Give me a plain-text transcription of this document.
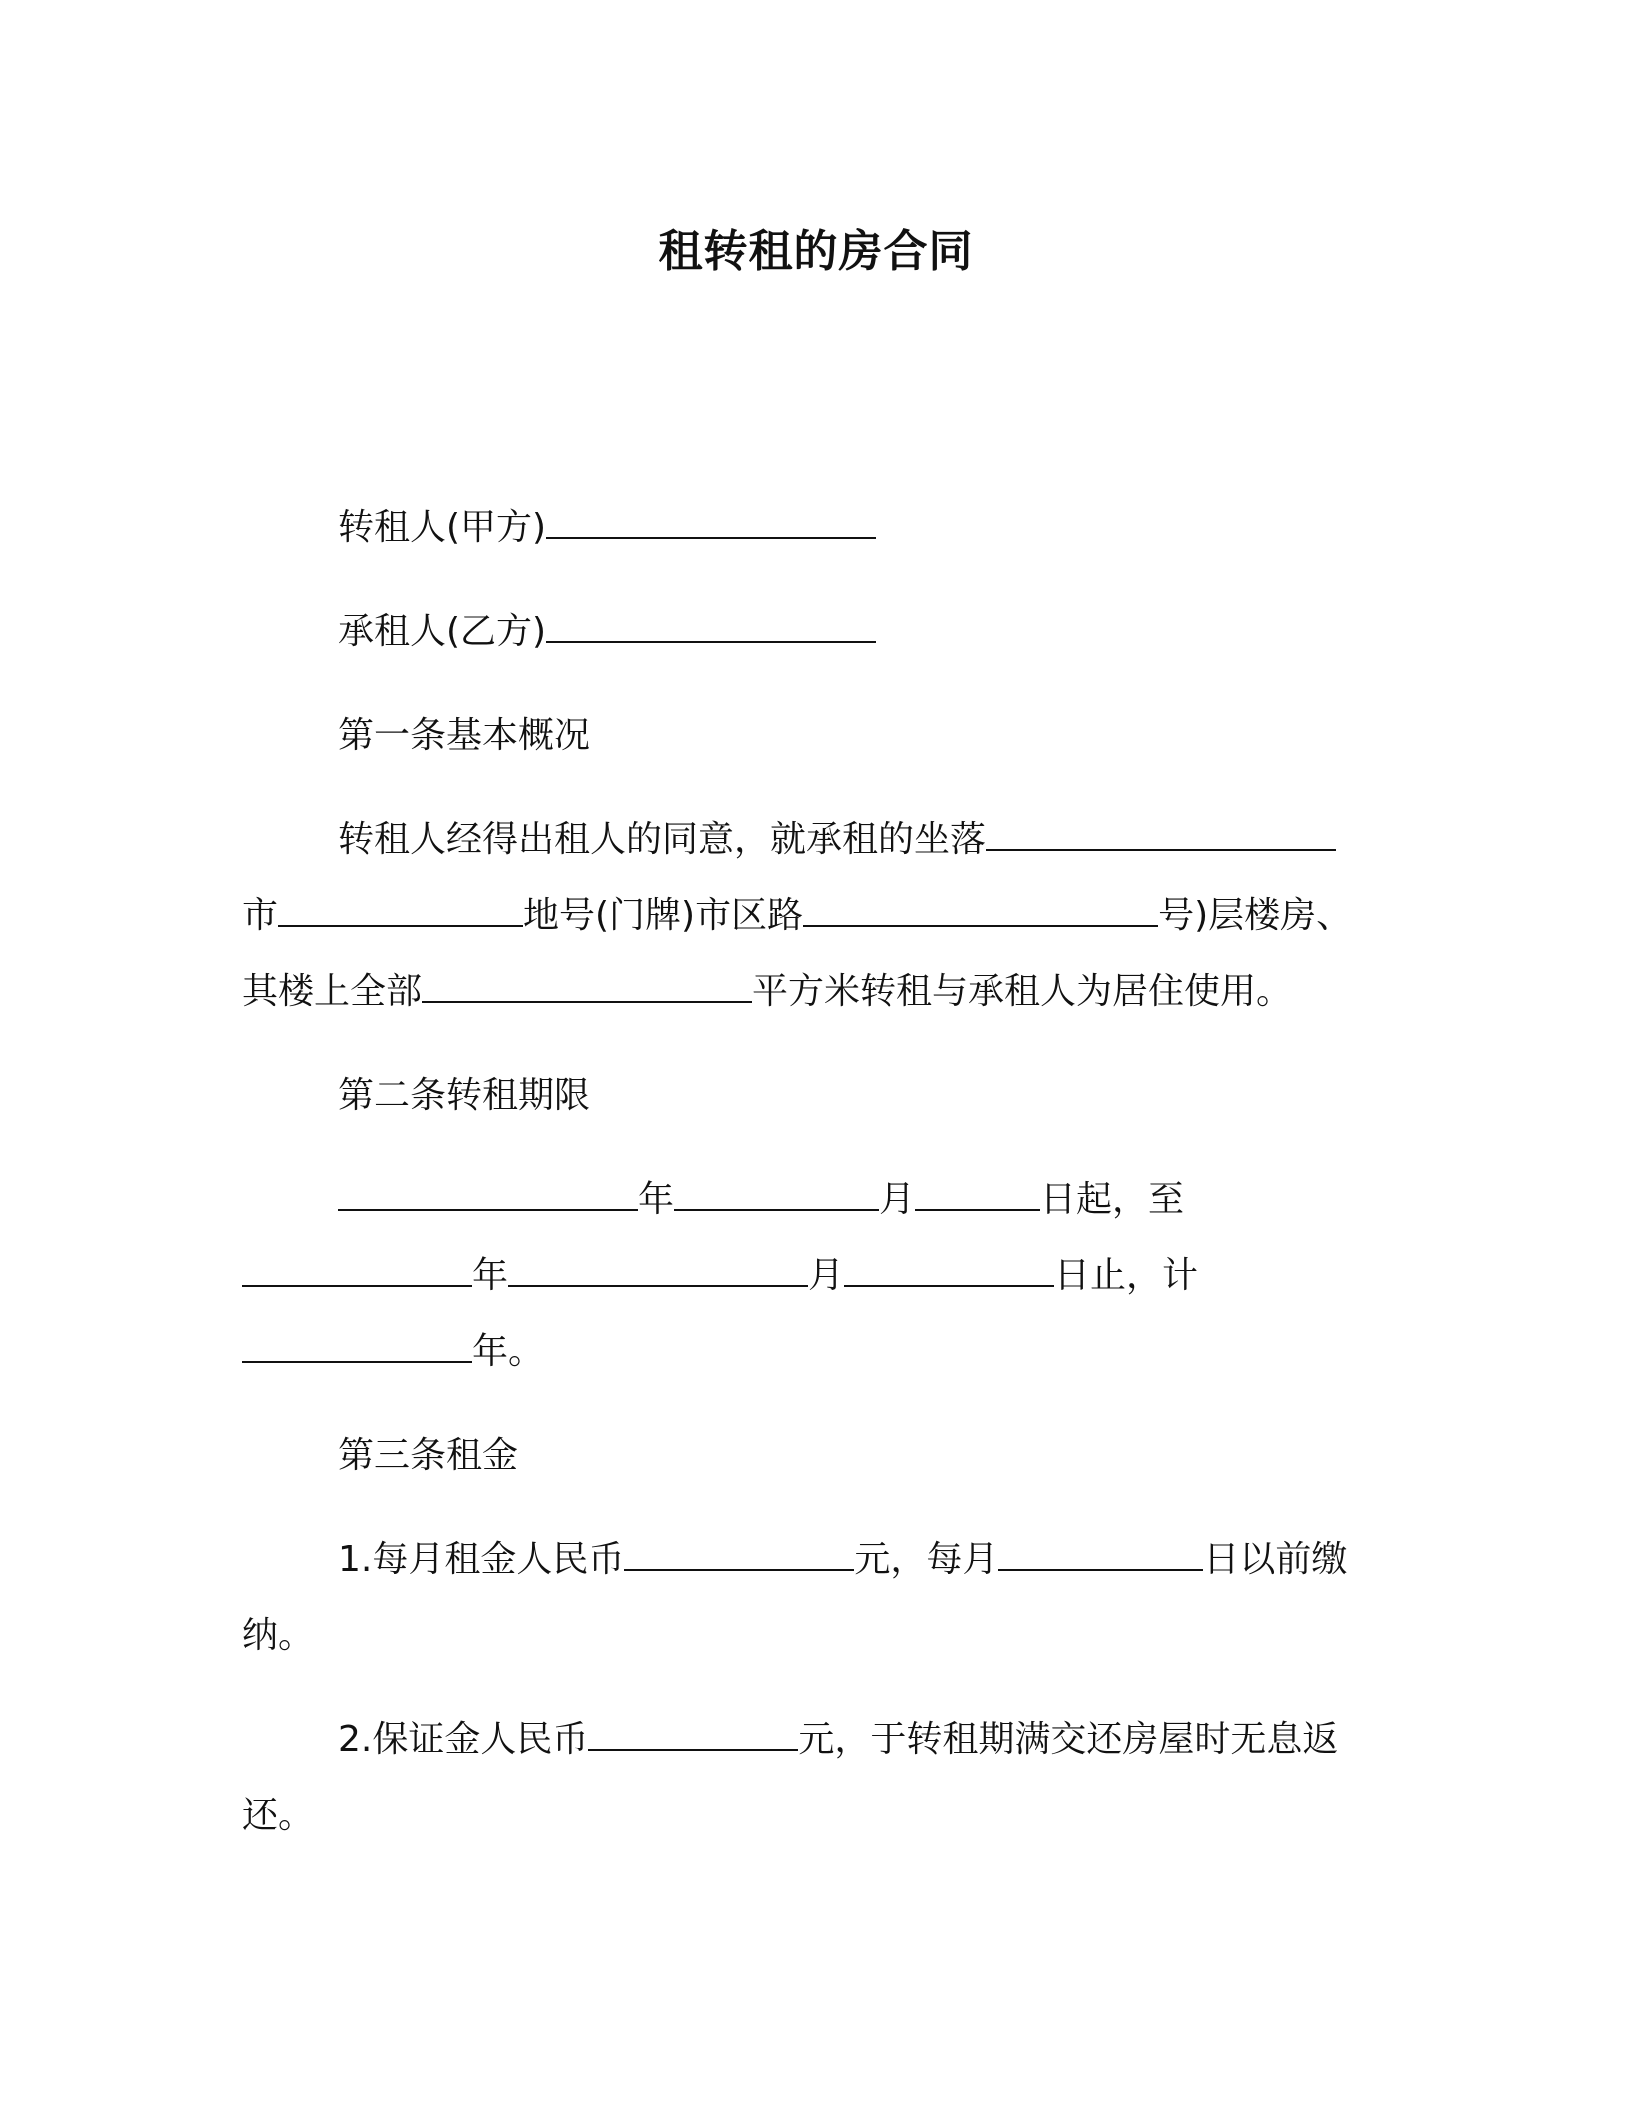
租转租的房合同

转租人(甲方)

承租人(乙方)

第一条基本概况

转租人经得出租人的同意，就承租的坐落
市	地号(门牌)市区路	号)层楼房、
其楼上全部	平方米转租与承租人为居住使用。

第二条转租期限

年	月	日起，至
年	月	日止，计
年。

第三条租金

1.每月租金人民币	元，每月	日以前缴
纳。
2.保证金人民币	元，于转租期满交还房屋时无息返
还。
